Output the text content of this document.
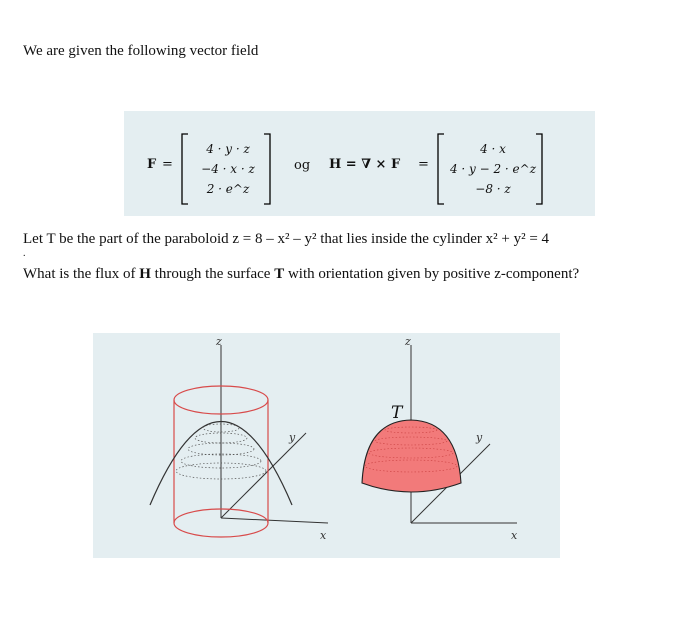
We are given the following vector field
F =
4 · y · z
−4 · x · z
2 · e^z
og H = ∇ × F =
4 · x
4 · y − 2 · e^z
−8 · z
Let T be the part of the paraboloid z = 8 – x² – y² that lies inside the cylinder x² + y² = 4
.
What is the flux of H through the surface T with orientation given by positive z-component?
z
y
x
z
T
y
x
